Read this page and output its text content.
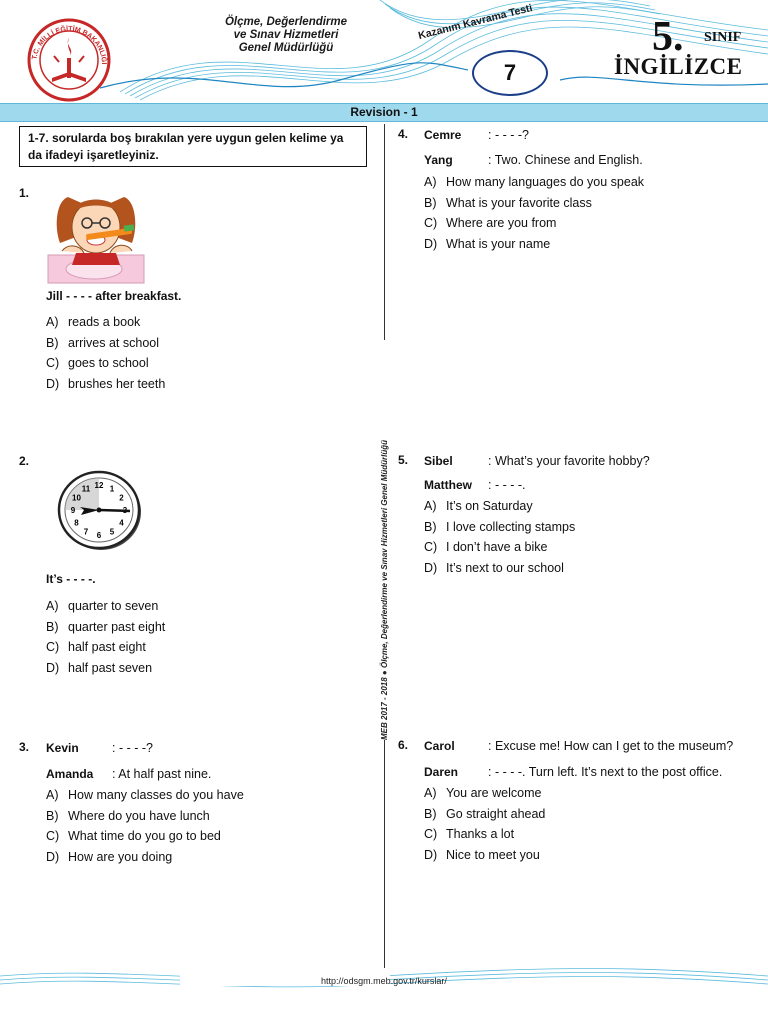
T.C. MİLLİ EĞİTİM BAKANLIĞI
Ölçme, Değerlendirme
ve Sınav Hizmetleri
Genel Müdürlüğü
Kazanım Kavrama Testi
7
5. SINIF
İNGİLİZCE
Revision - 1
MEB 2017 - 2018 ● Ölçme, Değerlendirme ve Sınav Hizmetleri Genel Müdürlüğü
1-7. sorularda boş bırakılan yere uygun gelen kelime ya da ifadeyi işaretleyiniz.
1.
Jill - - - - after breakfast.
A) reads a book
B) arrives at school
C) goes to school
D) brushes her teeth
2.
12 1
2
4
5
6
7
8
9
10
11
It’s - - - -.
A) quarter to seven
B) quarter past eight
C) half past eight
D) half past seven
3. Kevin	: - - - -?
Amanda : At half past nine.
A) How many classes do you have
B) Where do you have lunch
C) What time do you go to bed
D) How are you doing
4. Cemre : - - - -?
Yang	: Two. Chinese and English.
A) How many languages do you speak
B) What is your favorite class
C) Where are you from
D) What is your name
5. Sibel	: What’s your favorite hobby?
Matthew : - - - -.
A) It’s on Saturday
B) I love collecting stamps
C) I don’t have a bike
D) It’s next to our school
6. Carol	: Excuse me! How can I get to the museum?
Daren : - - - -. Turn left. It’s next to the post office.
A) You are welcome
B) Go straight ahead
C) Thanks a lot
D) Nice to meet you
http://odsgm.meb.gov.tr/kurslar/
